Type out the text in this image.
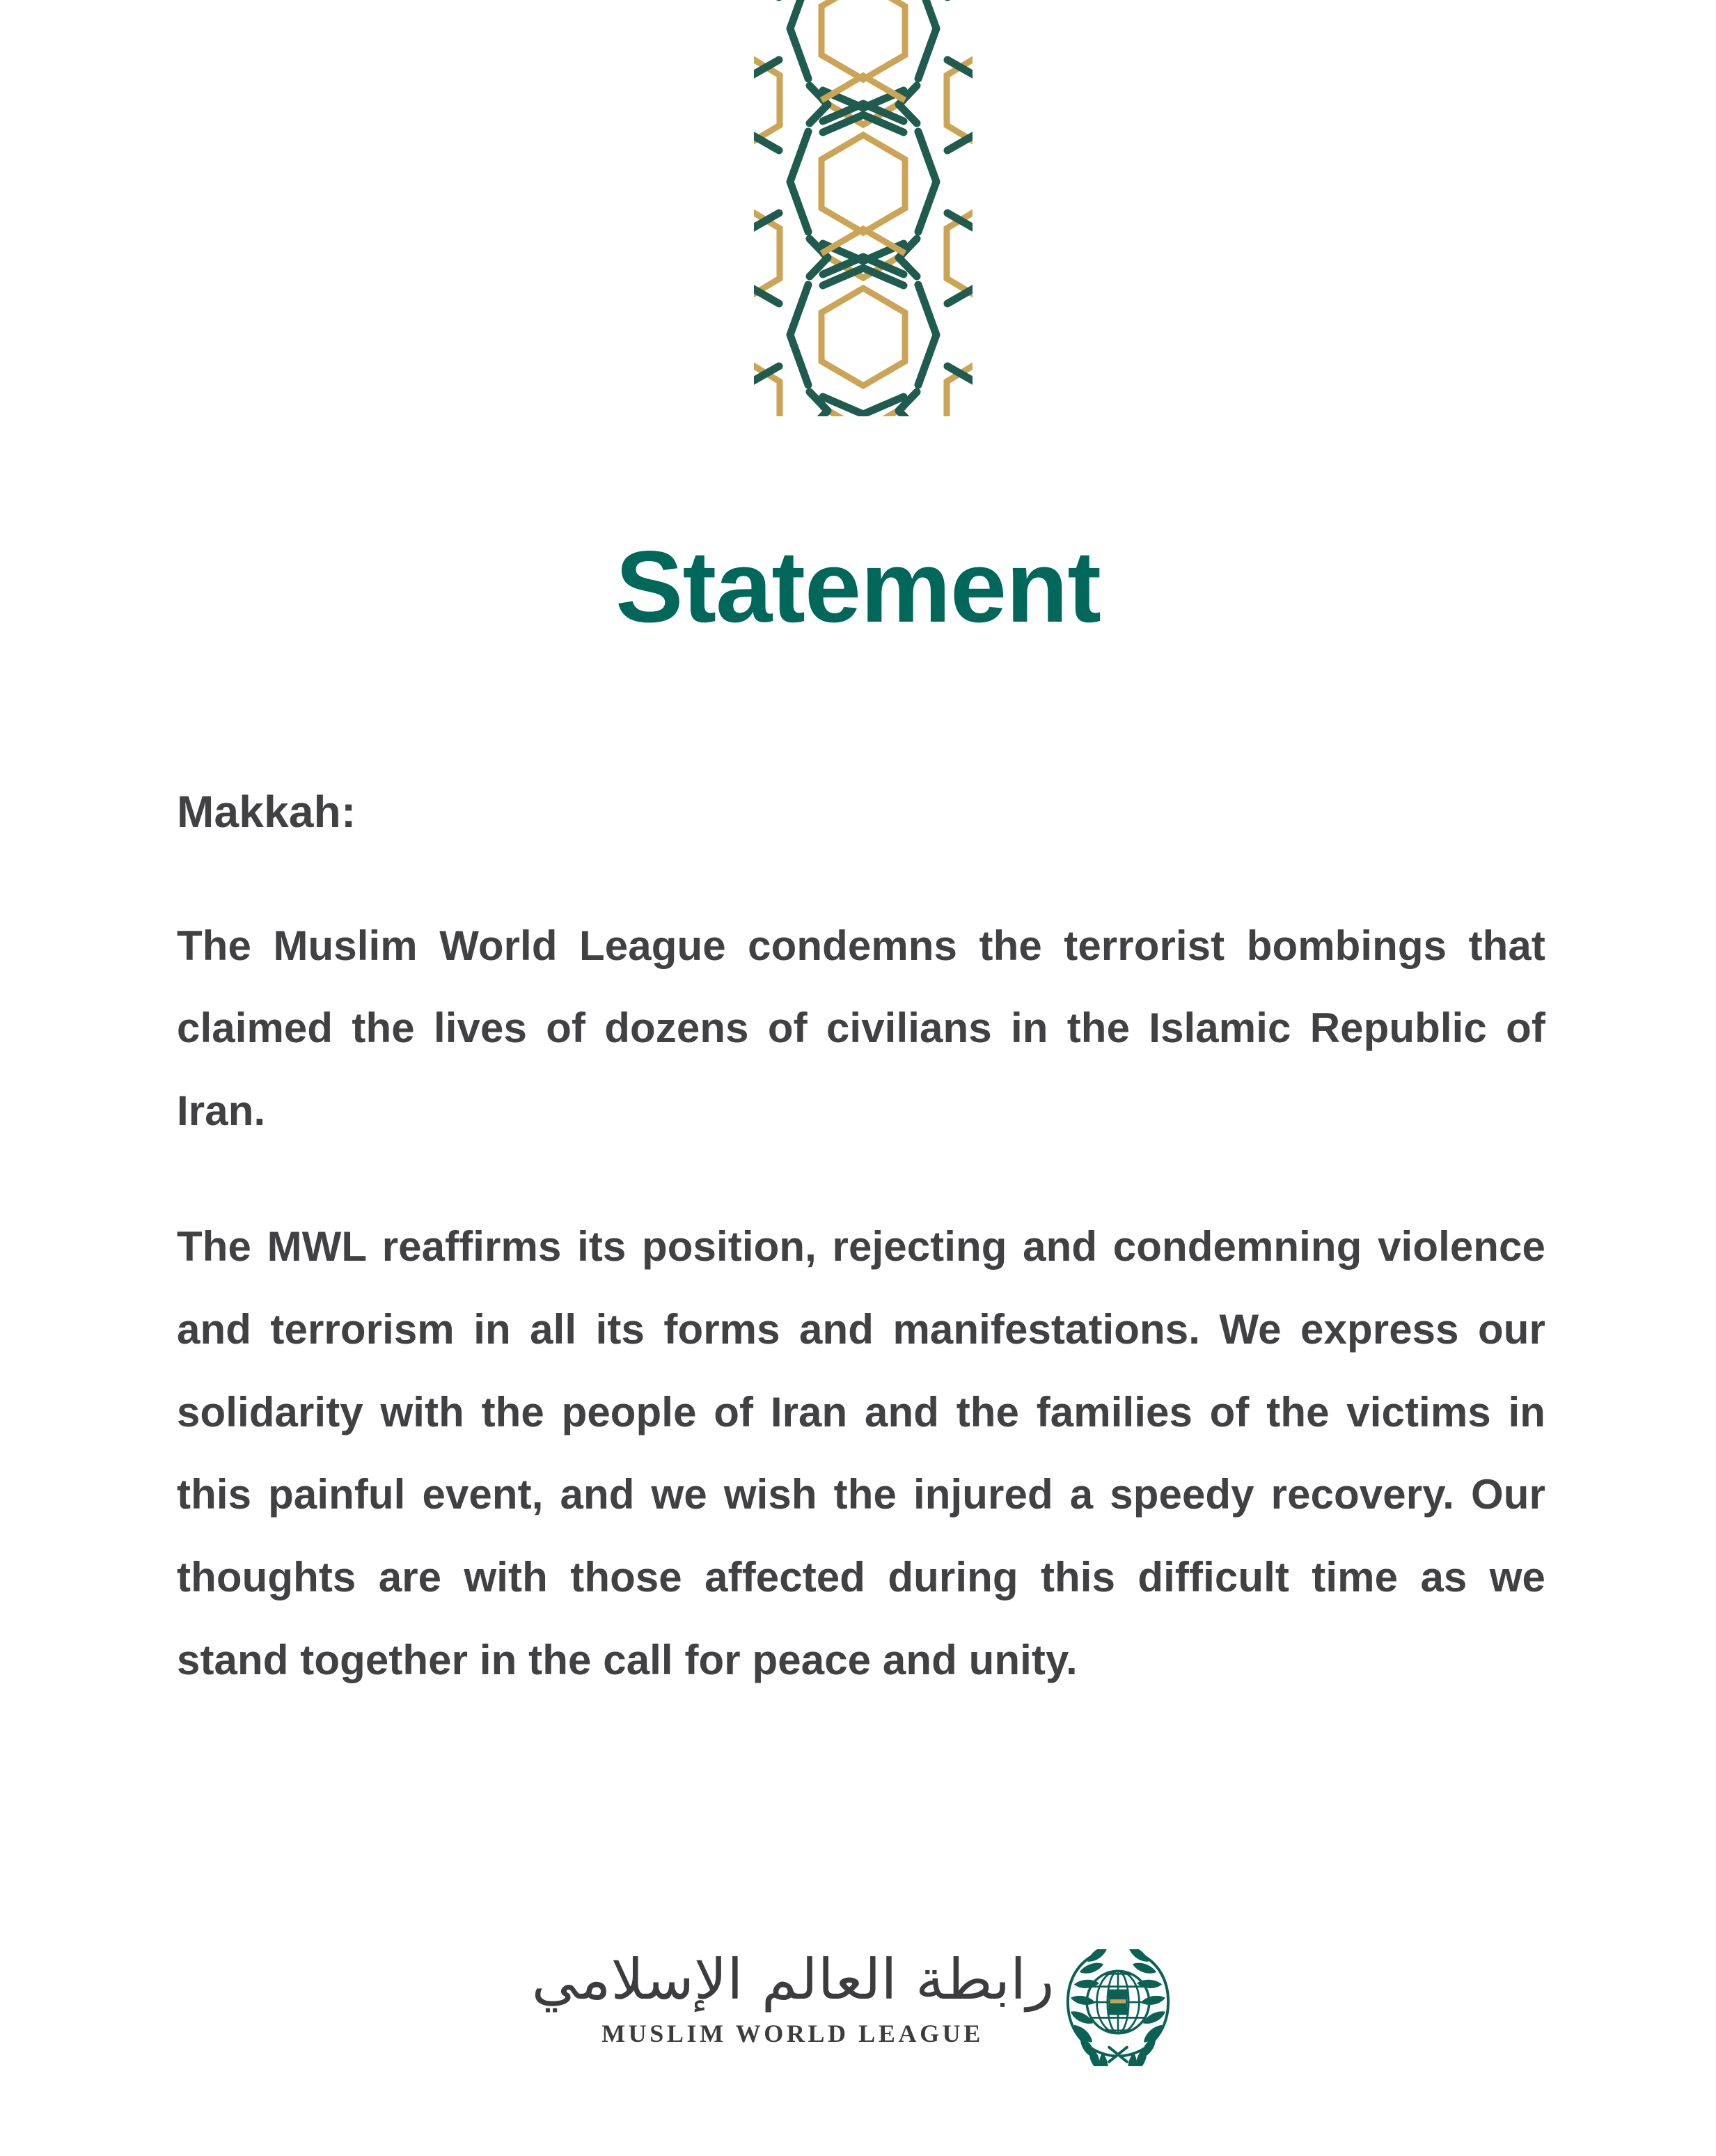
Statement
Makkah:

The Muslim World League condemns the terrorist bombings that claimed the lives of dozens of civilians in the Islamic Republic of Iran.

The MWL reaffirms its position, rejecting and condemning violence and terrorism in all its forms and manifestations. We express our solidarity with the people of Iran and the families of the victims in this painful event, and we wish the injured a speedy recovery. Our thoughts are with those affected during this difficult time as we stand together in the call for peace and unity.

رابطة العالم الإسلامي
MUSLIM WORLD LEAGUE
